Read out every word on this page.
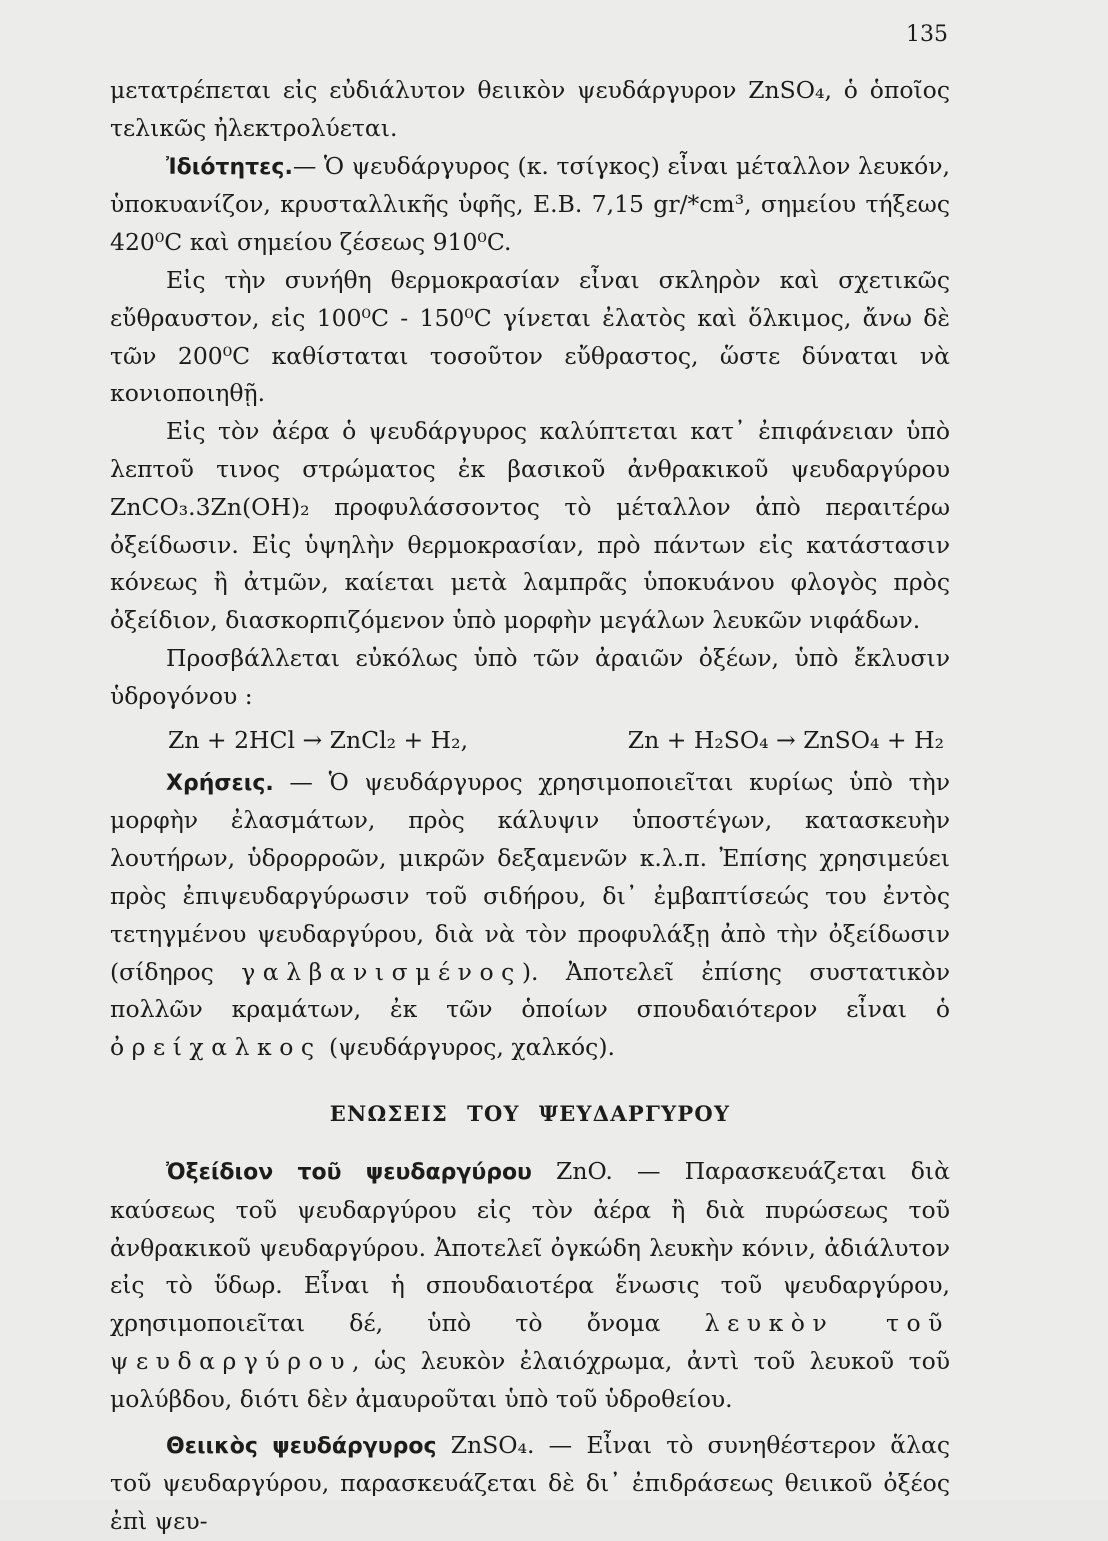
135

μετατρέπεται εἰς εὐδιάλυτον θειικὸν ψευδάργυρον ZnSO₄, ὁ ὁποῖος τελικῶς ἠλεκτρολύεται.

Ἰδιότητες.— Ὁ ψευδάργυρος (κ. τσίγκος) εἶναι μέταλλον λευκόν, ὑποκυανίζον, κρυσταλλικῆς ὑφῆς, Ε.Β. 7,15 gr/*cm³, σημείου τήξεως 420⁰C καὶ σημείου ζέσεως 910⁰C.

Εἰς τὴν συνήθη θερμοκρασίαν εἶναι σκληρὸν καὶ σχετικῶς εὔθραυστον, εἰς 100⁰C - 150⁰C γίνεται ἐλατὸς καὶ ὅλκιμος, ἄνω δὲ τῶν 200⁰C καθίσταται τοσοῦτον εὔθραστος, ὥστε δύναται νὰ κονιοποιηθῇ.

Εἰς τὸν ἀέρα ὁ ψευδάργυρος καλύπτεται κατ᾽ ἐπιφάνειαν ὑπὸ λεπτοῦ τινος στρώματος ἐκ βασικοῦ ἀνθρακικοῦ ψευδαργύρου ZnCO₃.3Zn(OH)₂ προφυλάσσοντος τὸ μέταλλον ἀπὸ περαιτέρω ὀξείδωσιν. Εἰς ὑψηλὴν θερμοκρασίαν, πρὸ πάντων εἰς κατάστασιν κόνεως ἢ ἀτμῶν, καίεται μετὰ λαμπρᾶς ὑποκυάνου φλογὸς πρὸς ὀξείδιον, διασκορπιζόμενον ὑπὸ μορφὴν μεγάλων λευκῶν νιφάδων.

Προσβάλλεται εὐκόλως ὑπὸ τῶν ἀραιῶν ὀξέων, ὑπὸ ἔκλυσιν ὑδρογόνου :

Zn + 2HCl → ZnCl₂ + H₂,	Zn + H₂SO₄ → ZnSO₄ + H₂

Χρήσεις. — Ὁ ψευδάργυρος χρησιμοποιεῖται κυρίως ὑπὸ τὴν μορφὴν ἐλασμάτων, πρὸς κάλυψιν ὑποστέγων, κατασκευὴν λουτήρων, ὑδρορροῶν, μικρῶν δεξαμενῶν κ.λ.π. Ἐπίσης χρησιμεύει πρὸς ἐπιψευδαργύρωσιν τοῦ σιδήρου, δι᾽ ἐμβαπτίσεώς του ἐντὸς τετηγμένου ψευδαργύρου, διὰ νὰ τὸν προφυλάξῃ ἀπὸ τὴν ὀξείδωσιν (σίδηρος γαλβανισμένος). Ἀποτελεῖ ἐπίσης συστατικὸν πολλῶν κραμάτων, ἐκ τῶν ὁποίων σπουδαιότερον εἶναι ὁ ὀρείχαλκος (ψευδάργυρος, χαλκός).

ΕΝΩΣΕΙΣ ΤΟΥ ΨΕΥΔΑΡΓΥΡΟΥ

Ὀξείδιον τοῦ ψευδαργύρου ZnO. — Παρασκευάζεται διὰ καύσεως τοῦ ψευδαργύρου εἰς τὸν ἀέρα ἢ διὰ πυρώσεως τοῦ ἀνθρακικοῦ ψευδαργύρου. Ἀποτελεῖ ὀγκώδη λευκὴν κόνιν, ἀδιάλυτον εἰς τὸ ὕδωρ. Εἶναι ἡ σπουδαιοτέρα ἕνωσις τοῦ ψευδαργύρου, χρησιμοποιεῖται δέ, ὑπὸ τὸ ὄνομα λευκὸν τοῦ ψευδαργύρου, ὡς λευκὸν ἐλαιόχρωμα, ἀντὶ τοῦ λευκοῦ τοῦ μολύβδου, διότι δὲν ἀμαυροῦται ὑπὸ τοῦ ὑδροθείου.

Θειικὸς ψευδάργυρος ZnSO₄. — Εἶναι τὸ συνηθέστερον ἅλας τοῦ ψευδαργύρου, παρασκευάζεται δὲ δι᾽ ἐπιδράσεως θειικοῦ ὀξέος ἐπὶ ψευ-
